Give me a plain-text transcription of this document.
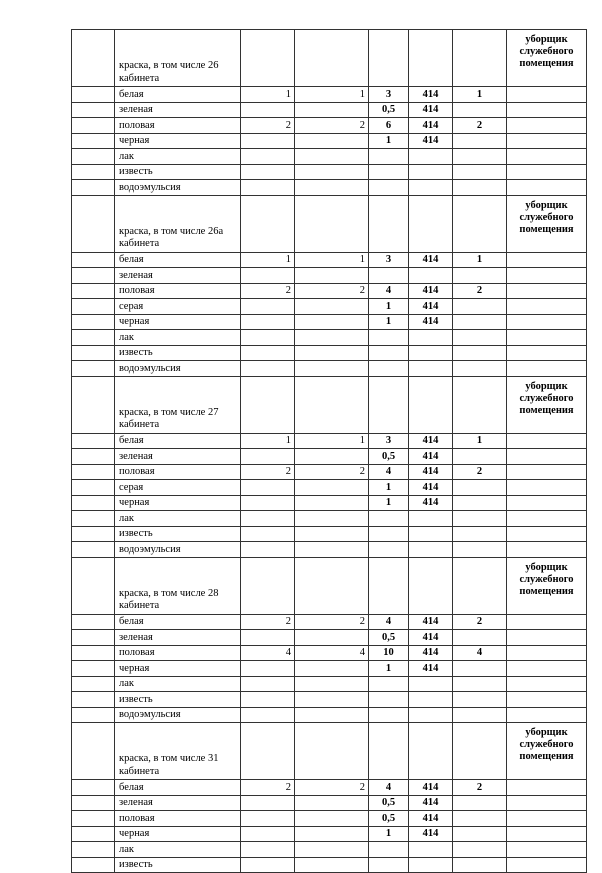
	краска, в том числе 26 кабинета						уборщик служебного помещения
	белая	1	1	3	414	1	
	зеленая			0,5	414		
	половая	2	2	6	414	2	
	черная			1	414		
	лак						
	известь						
	водоэмульсия						
	краска, в том числе 26а кабинета						уборщик служебного помещения
	белая	1	1	3	414	1	
	зеленая						
	половая	2	2	4	414	2	
	серая			1	414		
	черная			1	414		
	лак						
	известь						
	водоэмульсия						
	краска, в том числе 27 кабинета						уборщик служебного помещения
	белая	1	1	3	414	1	
	зеленая			0,5	414		
	половая	2	2	4	414	2	
	серая			1	414		
	черная			1	414		
	лак						
	известь						
	водоэмульсия						
	краска, в том числе 28 кабинета						уборщик служебного помещения
	белая	2	2	4	414	2	
	зеленая			0,5	414		
	половая	4	4	10	414	4	
	черная			1	414		
	лак						
	известь						
	водоэмульсия						
	краска, в том числе 31 кабинета						уборщик служебного помещения
	белая	2	2	4	414	2	
	зеленая			0,5	414		
	половая			0,5	414		
	черная			1	414		
	лак						
	известь						
